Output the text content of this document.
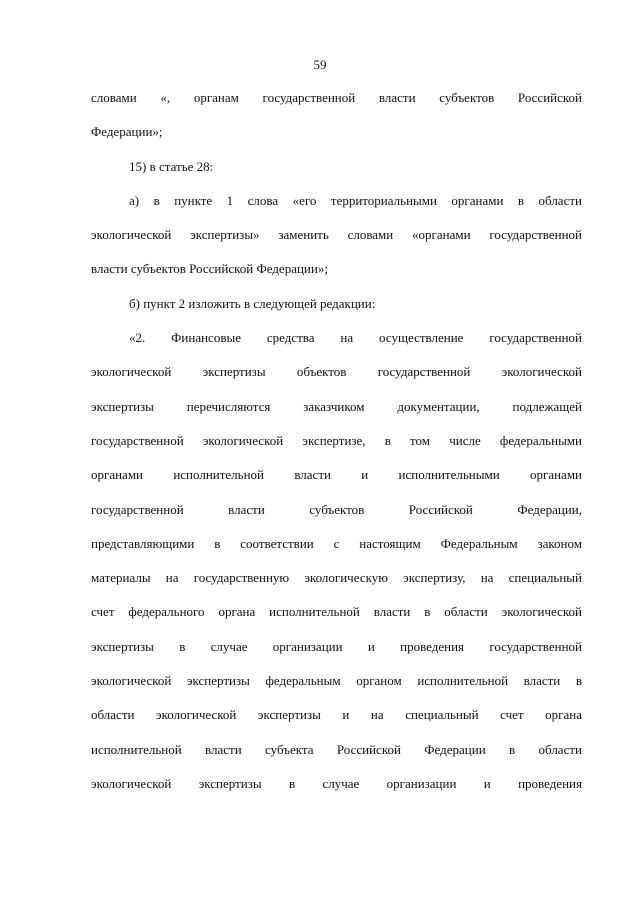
59
словами «, органам государственной власти субъектов Российской
Федерации»;
15) в статье 28:
а) в пункте 1 слова «его территориальными органами в области
экологической экспертизы» заменить словами «органами государственной
власти субъектов Российской Федерации»;
б) пункт 2 изложить в следующей редакции:
«2. Финансовые средства на осуществление государственной
экологической экспертизы объектов государственной экологической
экспертизы перечисляются заказчиком документации, подлежащей
государственной экологической экспертизе, в том числе федеральными
органами исполнительной власти и исполнительными органами
государственной власти субъектов Российской Федерации,
представляющими в соответствии с настоящим Федеральным законом
материалы на государственную экологическую экспертизу, на специальный
счет федерального органа исполнительной власти в области экологической
экспертизы в случае организации и проведения государственной
экологической экспертизы федеральным органом исполнительной власти в
области экологической экспертизы и на специальный счет органа
исполнительной власти субъекта Российской Федерации в области
экологической экспертизы в случае организации и проведения
